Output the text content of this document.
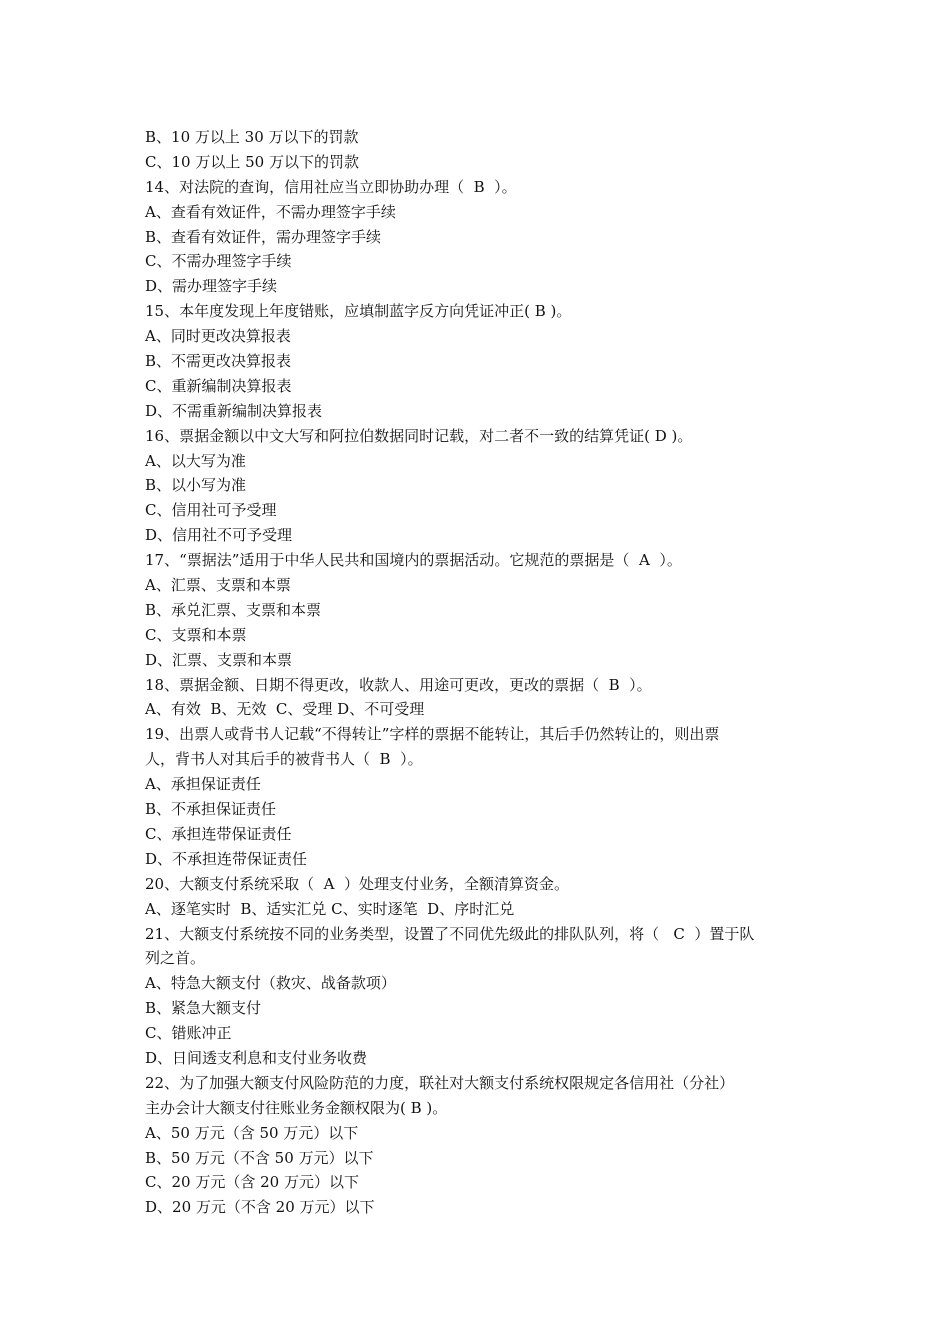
B、10 万以上 30 万以下的罚款
C、10 万以上 50 万以下的罚款
14、对法院的查询，信用社应当立即协助办理（  B  ）。
A、查看有效证件，不需办理签字手续
B、查看有效证件，需办理签字手续
C、不需办理签字手续
D、需办理签字手续
15、本年度发现上年度错账，应填制蓝字反方向凭证冲正( B )。
A、同时更改决算报表
B、不需更改决算报表
C、重新编制决算报表
D、不需重新编制决算报表
16、票据金额以中文大写和阿拉伯数据同时记载，对二者不一致的结算凭证( D )。
A、以大写为准
B、以小写为准
C、信用社可予受理
D、信用社不可予受理
17、“票据法”适用于中华人民共和国境内的票据活动。它规范的票据是（  A  ）。
A、汇票、支票和本票
B、承兑汇票、支票和本票
C、支票和本票
D、汇票、支票和本票
18、票据金额、日期不得更改，收款人、用途可更改，更改的票据（  B  ）。
A、有效  B、无效  C、受理 D、不可受理
19、出票人或背书人记载“不得转让”字样的票据不能转让，其后手仍然转让的，则出票
人，背书人对其后手的被背书人（  B  ）。
A、承担保证责任
B、不承担保证责任
C、承担连带保证责任
D、不承担连带保证责任
20、大额支付系统采取（  A  ）处理支付业务，全额清算资金。
A、逐笔实时  B、适实汇兑 C、实时逐笔  D、序时汇兑
21、大额支付系统按不同的业务类型，设置了不同优先级此的排队队列，将（   C  ）置于队
列之首。
A、特急大额支付（救灾、战备款项）
B、紧急大额支付
C、错账冲正
D、日间透支利息和支付业务收费
22、为了加强大额支付风险防范的力度，联社对大额支付系统权限规定各信用社（分社）
主办会计大额支付往账业务金额权限为( B )。
A、50 万元（含 50 万元）以下
B、50 万元（不含 50 万元）以下
C、20 万元（含 20 万元）以下
D、20 万元（不含 20 万元）以下
